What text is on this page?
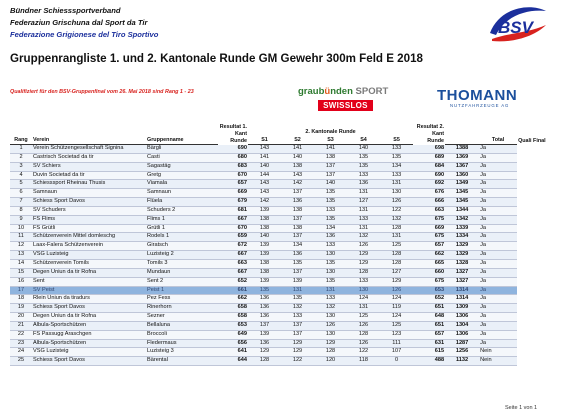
Bündner Schiesssportverband
Federaziun Grischuna dal Sport da Tir
Federazione Grigionese del Tiro Sportivo	BSV
Gruppenrangliste 1. und 2. Kantonale Runde GM Gewehr 300m Feld E 2018
Qualifiziert für den BSV-Gruppenfinal vom 26. Mai 2018 sind Rang 1 - 23	graubünden SPORT
SWISSLOS
THOMANN
NUTZFAHRZEUGE AG
			Resultat 1. Kant Runde	2. Kantonale Runde					Resultat 2. Kant Runde			Quali Final
Rang	Verein	Gruppenname		S1	S2	S3	S4	S5			Total	
1	Verein Schützengesellschaft Signina	Bärgli	690	143	141	141	140	133	698	1388	Ja	
2	Castrisch Societad da tir	Casti	680	141	140	138	135	135	689	1369	Ja	
3	SV Schiers	Sagastäg	683	140	138	137	135	134	684	1367	Ja	
4	Duvin Societad da tir	Gretg	670	144	143	137	133	133	690	1360	Ja	
5	Schiesssport Rheinau Thusis	Viamala	657	143	142	140	136	131	692	1349	Ja	
6	Samnaun	Samnaun	669	143	137	135	131	130	676	1345	Ja	
7	Schiess Sport Davos	Flüela	679	142	136	135	127	126	666	1345	Ja	
8	SV Schuders	Schuders 2	681	139	138	133	131	122	663	1344	Ja	
9	FS Flims	Flims 1	667	138	137	135	133	132	675	1342	Ja	
10	FS Grütli	Grütli 1	670	138	138	134	131	128	669	1339	Ja	
11	Schützenverein Mittel domleschg	Rodels 1	659	140	137	136	132	131	675	1334	Ja	
12	Laax-Falera Schützenverein	Giratsch	672	139	134	133	126	125	657	1329	Ja	
13	VSG Luzisteig	Luzisteig 2	667	139	136	130	129	128	662	1329	Ja	
14	Schützenverein Tomils	Tomils 3	663	138	135	135	129	128	665	1328	Ja	
15	Degen Uniun da tir Rofna	Mundaun	667	138	137	130	128	127	660	1327	Ja	
16	Sent	Sent 2	652	139	139	135	133	129	675	1327	Ja	
17	SV Peist	Peist 1	661	135	131	131	130	126	653	1314	Ja	
18	Rlein Uniun da tiradurs	Pez Fess	662	136	135	133	124	124	652	1314	Ja	
19	Schiess Sport Davos	Rinerhorn	658	136	132	132	131	119	651	1309	Ja	
20	Degen Uniun da tir Rofna	Sezner	658	136	133	130	125	124	648	1306	Ja	
21	Albula-Sportschützen	Bellaluna	653	137	137	126	126	125	651	1304	Ja	
22	FS Passugg Araschgen	Broccoli	649	139	137	130	128	123	657	1306	Ja	
23	Albula-Sportschützen	Fledermaus	656	136	129	129	126	111	631	1287	Ja	
24	VSG Luzisteig	Luzisteig 3	641	129	129	128	122	107	615	1256	Nein	
25	Schiess Sport Davos	Bärental	644	128	122	120	118	0	488	1132	Nein	
Seite 1 von 1
